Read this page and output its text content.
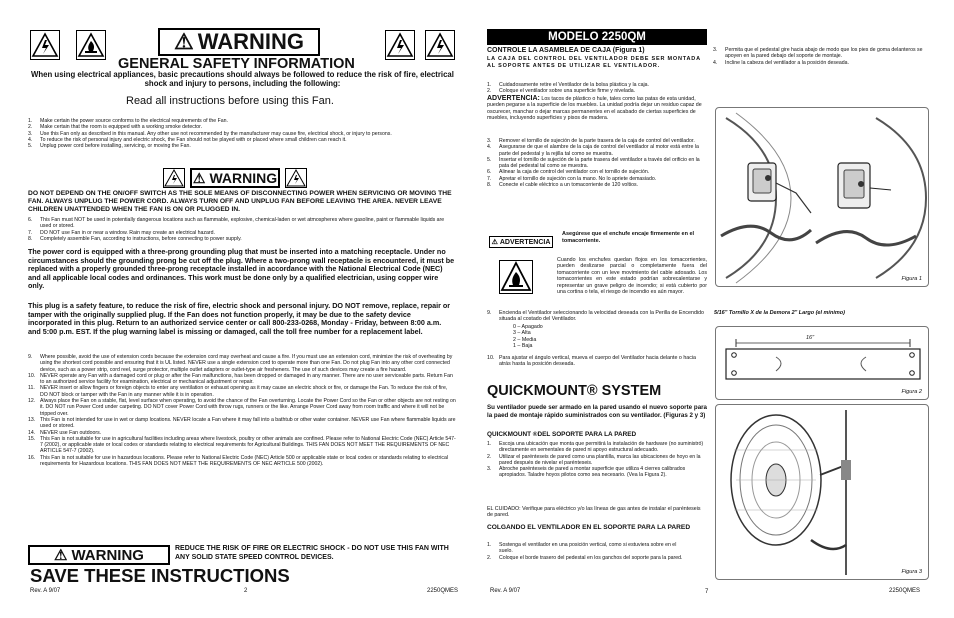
⚠ WARNING
GENERAL SAFETY INFORMATION
When using electrical appliances, basic precautions should always be followed to reduce the risk of fire, electrical shock and injury to persons, including the following:
Read all instructions before using this Fan.
1.	Make certain the power source conforms to the electrical requirements of the Fan.
2.	Make certain that the room is equipped with a working smoke detector.
3.	Use this Fan only as described in this manual. Any other use not recommended by the manufacturer may cause fire, electrical shock, or injury to persons.
4.	To reduce the risk of personal injury and electric shock, the Fan should not be played with or placed where small children can reach it.
5.	Unplug power cord before installing, servicing, or moving the Fan.
⚠ WARNING
DO NOT DEPEND ON THE ON/OFF SWITCH AS THE SOLE MEANS OF DISCONNECTING POWER WHEN SERVICING OR MOVING THE FAN. ALWAYS UNPLUG THE POWER CORD. ALWAYS TURN OFF AND UNPLUG FAN BEFORE LEAVING THE AREA. NEVER LEAVE CHILDREN UNATTENDED WHEN THE FAN IS ON OR PLUGGED IN.
6.	This Fan must NOT be used in potentially dangerous locations such as flammable, explosive, chemical-laden or wet atmospheres where gasoline, paint or flammable liquids are used or stored.
7.	DO NOT use Fan in or near a window. Rain may create an electrical hazard.
8.	Completely assemble Fan, according to instructions, before connecting to power supply.
The power cord is equipped with a three-prong grounding plug that must be inserted into a matching receptacle. Under no circumstances should the grounding prong be cut off the plug. Where a two-prong wall receptacle is encountered, it must be replaced with a properly grounded three-prong receptacle installed in accordance with the National Electrical Code (NEC) and all applicable local codes and ordinances. This work must be done only by a qualified electrician, using copper wire only.
This plug is a safety feature, to reduce the risk of fire, electric shock and personal injury. DO NOT remove, replace, repair or tamper with the originally supplied plug. If the Fan does not function properly, it may be due to the safety device incorporated in this plug. Return to an authorized service center or call 800-233-0268, Monday - Friday, between 8:00 a.m. and 5:00 p.m. EST. If the plug warning label is missing or damaged, call the toll free number for a replacement label.
9.	Where possible, avoid the use of extension cords because the extension cord may overheat and cause a fire. If you must use an extension cord, minimize the risk of overheating by using the shortest cord possible and ensuring that it is UL listed. NEVER use a single extension cord to operate more than one Fan. Do not plug Fan into any other cord connected device, such as a power strip, cord reel, surge protector, multiple outlet adapters or outlet-type air fresheners. The use of such devices may create a fire hazard.
10. NEVER operate any Fan with a damaged cord or plug or after the Fan malfunctions, has been dropped or damaged in any manner. There are no user serviceable parts. Return Fan to an authorized service facility for examination, electrical or mechanical adjustment or repair.
11. NEVER insert or allow fingers or foreign objects to enter any ventilation or exhaust opening as it may cause an electric shock or fire, or damage the Fan. To reduce the risk of fire, DO NOT block or tamper with the Fan in any manner while it is in operation.
12. Always place the Fan on a stable, flat, level surface when operating, to avoid the chance of the Fan overturning. Locate the Power Cord so the Fan or other objects are not resting on it. DO NOT run Power Cord under carpeting. DO NOT cover Power Cord with throw rugs, runners or the like. Arrange Power Cord away from room traffic and where it will not be tripped over.
13. This Fan is not intended for use in wet or damp locations. NEVER locate a Fan where it may fall into a bathtub or other water container. NEVER use Fan where flammable liquids are used or stored.
14. NEVER use Fan outdoors.
15. This Fan is not suitable for use in agricultural facilities including areas where livestock, poultry or other animals are confined. Please refer to National Electric Code (NEC) Article 547-7 (2002), or applicable state or local codes or standards relating to electrical requirements for Agricultural Buildings. THIS FAN DOES NOT MEET THE REQUIREMENTS OF NEC ARTICLE 547-7 (2002).
16. This Fan is not suitable for use in hazardous locations. Please refer to National Electric Code (NEC) Article 500 or applicable state or local codes or standards relating to electrical requirements for Hazardous locations. THIS FAN DOES NOT MEET THE REQUIREMENTS OF NEC ARTICLE 500 (2002).
⚠ WARNING	REDUCE THE RISK OF FIRE OR ELECTRIC SHOCK - DO NOT USE THIS FAN WITH ANY SOLID STATE SPEED CONTROL DEVICES.
SAVE THESE INSTRUCTIONS
Rev. A 9/07	2	2250QMES
MODELO 2250QM
CONTROLE LA ASAMBLEA DE CAJA (Figura 1)
LA CAJA DEL CONTROL DEL VENTILADOR DEBE SER MONTADA AL SOPORTE ANTES DE UTILIZAR EL VENTILADOR.
1.	Cuidadosamente retire el Ventilador de la bolsa plástica y la caja.
2.	Coloque el ventilador sobre una superficie firme y nivelada.
ADVERTENCIA: Los tacos de plástico o hule, tales como las patas de esta unidad, pueden pegarse a la superficie de los muebles. La unidad podría dejar un residuo capaz de oscurecer, manchar o dejar marcas permanentes en el acabado de ciertas superficies de muebles, incluyendo superficies y pisos de madera.
3.	Remover el tornillo de sujeción de la parte trasera de la caja de control del ventilador.
4.	Asegurarse de que el alambre de la caja de control del ventilador al motor está entre la parte del pedestal y la rejilla tal como se muestra.
5.	Insertar el tornillo de sujeción de la parte trasera del ventilador a través del orificio en la pata del pedestal tal como se muestra.
6.	Alinear la caja de control del ventilador con el tornillo de sujeción.
7.	Apretar el tornillo de sujeción con la mano. No lo apriete demasiado.
8.	Conecte el cable eléctrico a un tomacorriente de 120 voltios.
⚠ ADVERTENCIA
Asegúrese que el enchufe encaje firmemente en el tomacorriente.
Cuando los enchufes quedan flojos en los tomacorrientes, pueden deslizarse parcial o completamente fuera del tomacorriente con un leve movimiento del cable adosado. Los tomacorrientes en este estado podrían sobrecalentarse y representar un grave peligro de incendio; si está cubierto por una cortina o tela, el riesgo de incendio es aún mayor.
9.	Encienda el Ventilador seleccionando la velocidad deseada con la Perilla de Encendido situada al costado del Ventilador.
0 – Apagado
3 – Alta
2 – Media
1 – Baja
10. Para ajustar el ángulo vertical, mueva el cuerpo del Ventilador hacia delante o hacia atrás hasta la posición deseada.
QUICKMOUNT® SYSTEM
Su ventilador puede ser armado en la pared usando el nuevo soporte para la paed de montaje rápido suministrados con su ventilador. (Figuras 2 y 3)
QUICKMOUNT ®DEL SOPORTE PARA LA PARED
1.	Escoja una ubicación que monta que permitirá la instalación de hardware (no suministró) directamente en sementales de pared ni apoyo estructural adecuado.
2.	Utilizar el parénteseis de pared como una plantilla, marca las ubicaciones de hoyo en la pared después de nivelar el parénteseis.
3.	Abroche parénteseis de pared a montar superficie que utiliza 4 cierres calibrados apropiados. Taladre hoyos pilotos como sea necesario. (Vea la Figura 2).
EL CUIDADO: Verifique para eléctrico y/o las líneas de gas antes de instalar el parénteseis de pared.
COLGANDO EL VENTILADOR EN EL SOPORTE PARA LA PARED
1.	Sostenga el ventilador en una posición vertical, como si estuviera sobre en el suelo.
2.	Coloque el borde trasero del pedestal en los ganchos del soporte para la pared.
3.	Permita que el pedestal gire hacia abajo de modo que los pies de goma delanteros se apoyen en la pared debajo del soporte de montaje.
4.	Incline la cabeza del ventilador a la posición deseada.
Figura 1
5/16" Tornillo X de la Demora 2" Largo (el mínimo)
16"
Figura 2
Figura 3
Rev. A 9/07	7	2250QMES
